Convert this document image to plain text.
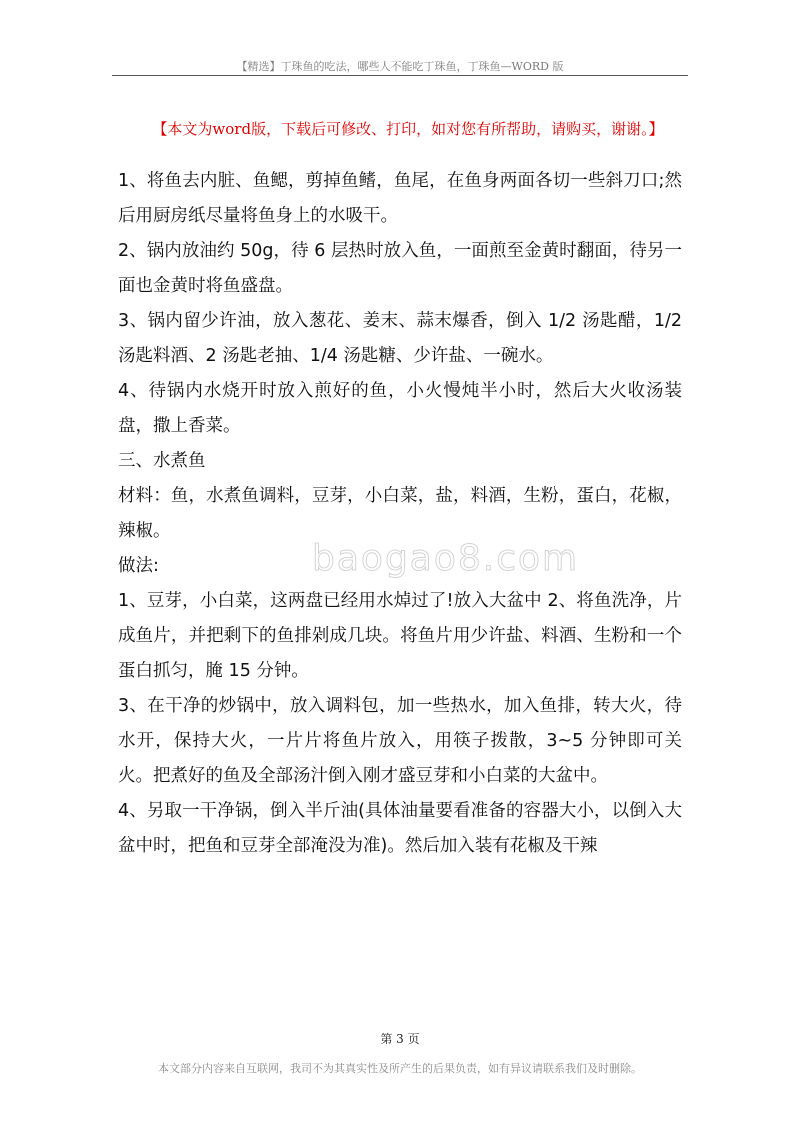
【精选】丁珠鱼的吃法，哪些人不能吃丁珠鱼，丁珠鱼—WORD 版
【本文为word版，下载后可修改、打印，如对您有所帮助，请购买，谢谢。】

1、将鱼去内脏、鱼鳃，剪掉鱼鳍，鱼尾，在鱼身两面各切一些斜刀口;然后用厨房纸尽量将鱼身上的水吸干。

2、锅内放油约 50g，待 6 层热时放入鱼，一面煎至金黄时翻面，待另一面也金黄时将鱼盛盘。

3、锅内留少许油，放入葱花、姜末、蒜末爆香，倒入 1/2 汤匙醋，1/2 汤匙料酒、2 汤匙老抽、1/4 汤匙糖、少许盐、一碗水。

4、待锅内水烧开时放入煎好的鱼，小火慢炖半小时，然后大火收汤装盘，撒上香菜。

三、水煮鱼

材料：鱼，水煮鱼调料，豆芽，小白菜，盐，料酒，生粉，蛋白，花椒，辣椒。

做法:

1、豆芽，小白菜，这两盘已经用水焯过了!放入大盆中 2、将鱼洗净，片成鱼片，并把剩下的鱼排剁成几块。将鱼片用少许盐、料酒、生粉和一个蛋白抓匀，腌 15 分钟。

3、在干净的炒锅中，放入调料包，加一些热水，加入鱼排，转大火，待水开，保持大火，一片片将鱼片放入，用筷子拨散，3~5 分钟即可关火。把煮好的鱼及全部汤汁倒入刚才盛豆芽和小白菜的大盆中。

4、另取一干净锅，倒入半斤油(具体油量要看准备的容器大小，以倒入大盆中时，把鱼和豆芽全部淹没为准)。然后加入装有花椒及干辣

baogao8.com
第 3 页
本文部分内容来自互联网，我司不为其真实性及所产生的后果负责，如有异议请联系我们及时删除。
